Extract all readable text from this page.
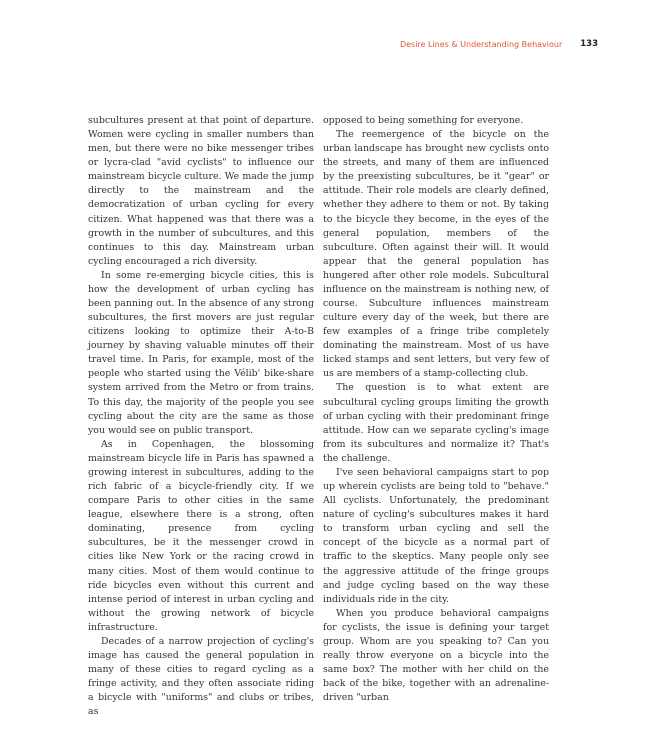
Desire Lines & Understanding Behaviour 133

subcultures present at that point of departure. Women were cycling in smaller numbers than men, but there were no bike messenger tribes or lycra-clad "avid cyclists" to influence our mainstream bicycle culture. We made the jump directly to the mainstream and the democratization of urban cycling for every citizen. What happened was that there was a growth in the number of subcultures, and this continues to this day. Mainstream urban cycling encouraged a rich diversity.

In some re-emerging bicycle cities, this is how the development of urban cycling has been panning out. In the absence of any strong subcultures, the first movers are just regular citizens looking to optimize their A-to-B journey by shaving valuable minutes off their travel time. In Paris, for example, most of the people who started using the Vélib' bike-share system arrived from the Metro or from trains. To this day, the majority of the people you see cycling about the city are the same as those you would see on public transport.

As in Copenhagen, the blossoming mainstream bicycle life in Paris has spawned a growing interest in subcultures, adding to the rich fabric of a bicycle-friendly city. If we compare Paris to other cities in the same league, elsewhere there is a strong, often dominating, presence from cycling subcultures, be it the messenger crowd in cities like New York or the racing crowd in many cities. Most of them would continue to ride bicycles even without this current and intense period of interest in urban cycling and without the growing network of bicycle infrastructure.

Decades of a narrow projection of cycling's image has caused the general population in many of these cities to regard cycling as a fringe activity, and they often associate riding a bicycle with "uniforms" and clubs or tribes, as

opposed to being something for everyone.

The reemergence of the bicycle on the urban landscape has brought new cyclists onto the streets, and many of them are influenced by the preexisting subcultures, be it "gear" or attitude. Their role models are clearly defined, whether they adhere to them or not. By taking to the bicycle they become, in the eyes of the general population, members of the subculture. Often against their will. It would appear that the general population has hungered after other role models. Subcultural influence on the mainstream is nothing new, of course. Subculture influences mainstream culture every day of the week, but there are few examples of a fringe tribe completely dominating the mainstream. Most of us have licked stamps and sent letters, but very few of us are members of a stamp-collecting club.

The question is to what extent are subcultural cycling groups limiting the growth of urban cycling with their predominant fringe attitude. How can we separate cycling's image from its subcultures and normalize it? That's the challenge.

I've seen behavioral campaigns start to pop up wherein cyclists are being told to "behave." All cyclists. Unfortunately, the predominant nature of cycling's subcultures makes it hard to transform urban cycling and sell the concept of the bicycle as a normal part of traffic to the skeptics. Many people only see the aggressive attitude of the fringe groups and judge cycling based on the way these individuals ride in the city.

When you produce behavioral campaigns for cyclists, the issue is defining your target group. Whom are you speaking to? Can you really throw everyone on a bicycle into the same box? The mother with her child on the back of the bike, together with an adrenaline-driven "urban
